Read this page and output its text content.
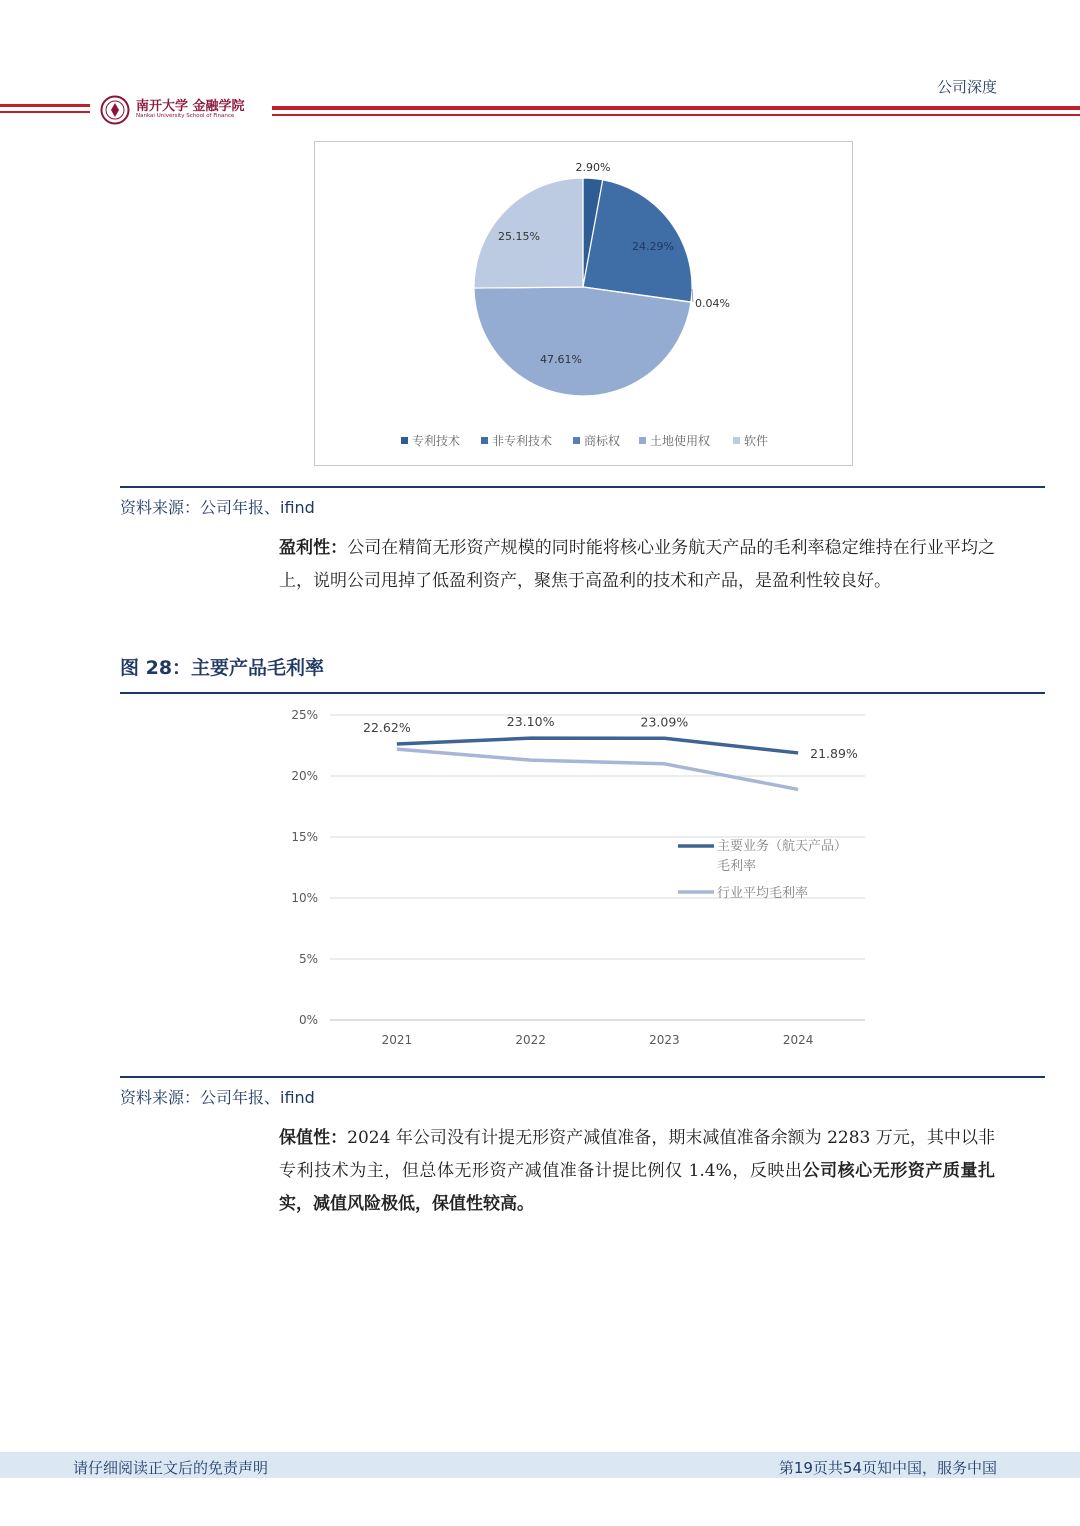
公司深度
南开大学 金融学院
Nankai University School of Finance
2.90%
24.29%
0.04%
47.61%
25.15%
专利技术	非专利技术	商标权 土地使用权	软件
资料来源：公司年报、ifind
盈利性：公司在精简无形资产规模的同时能将核心业务航天产品的毛利率稳定维持在行业平均之上，说明公司甩掉了低盈利资产，聚焦于高盈利的技术和产品，是盈利性较良好。
图 28：主要产品毛利率
25%
20%
15%
10%
5%
0%
2021	2022	2023	2024
22.62%	23.10%	23.09%
21.89%
主要业务（航天产品）
毛利率
行业平均毛利率
资料来源：公司年报、ifind
保值性：2024 年公司没有计提无形资产减值准备，期末减值准备余额为 2283 万元，其中以非专利技术为主，但总体无形资产减值准备计提比例仅 1.4%，反映出公司核心无形资产质量扎实，减值风险极低，保值性较高。
请仔细阅读正文后的免责声明	第19页共54页知中国，服务中国
